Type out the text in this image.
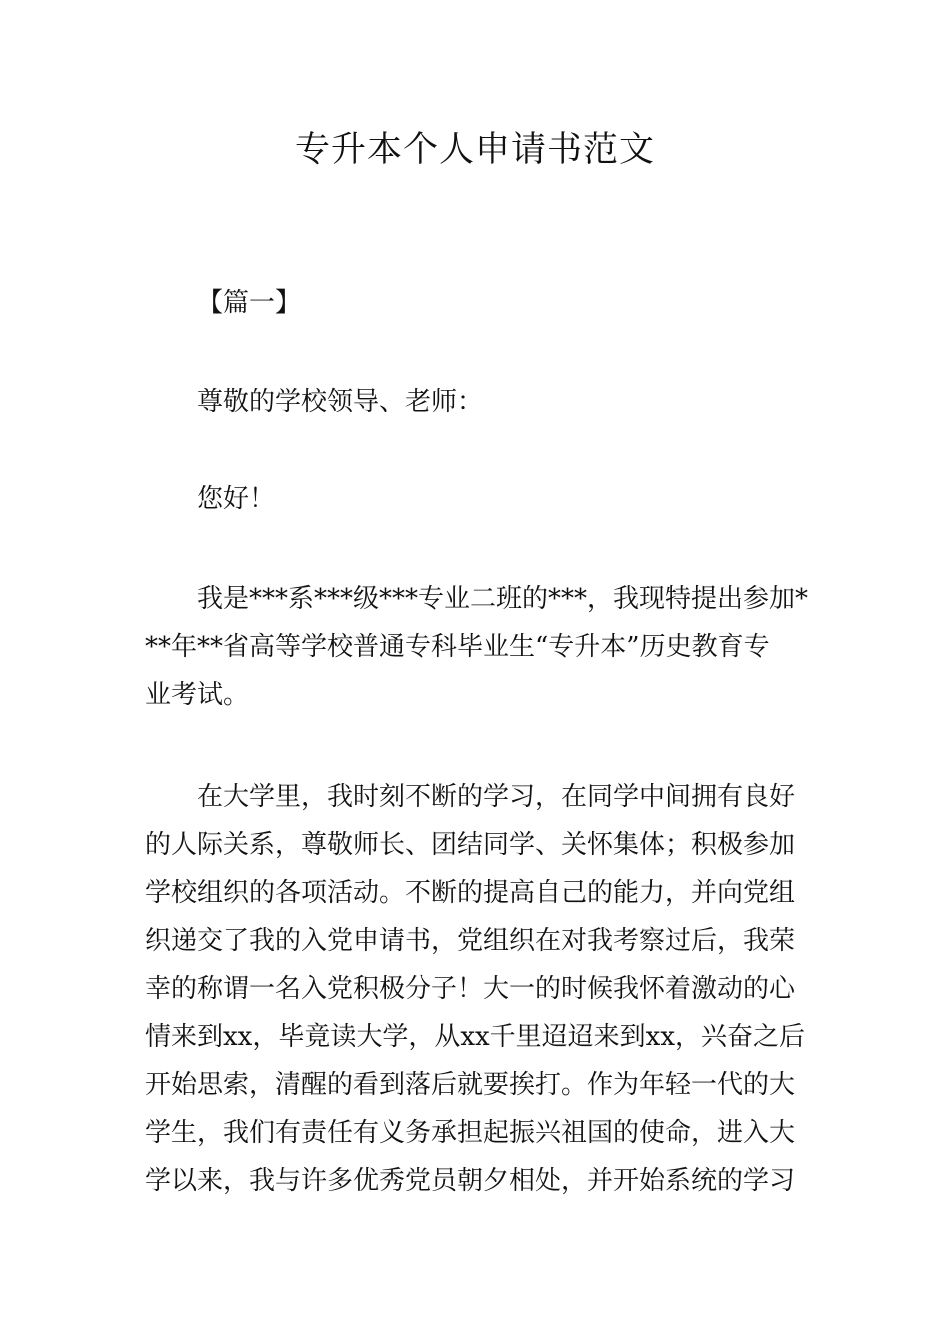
专升本个人申请书范文

【篇一】

尊敬的学校领导、老师：

您好！

我是***系***级***专业二班的***，我现特提出参加*
**年**省高等学校普通专科毕业生“专升本”历史教育专
业考试。

在大学里，我时刻不断的学习，在同学中间拥有良好
的人际关系，尊敬师长、团结同学、关怀集体；积极参加
学校组织的各项活动。不断的提高自己的能力，并向党组
织递交了我的入党申请书，党组织在对我考察过后，我荣
幸的称谓一名入党积极分子！大一的时候我怀着激动的心
情来到xx，毕竟读大学，从xx千里迢迢来到xx，兴奋之后
开始思索，清醒的看到落后就要挨打。作为年轻一代的大
学生，我们有责任有义务承担起振兴祖国的使命，进入大
学以来，我与许多优秀党员朝夕相处，并开始系统的学习
